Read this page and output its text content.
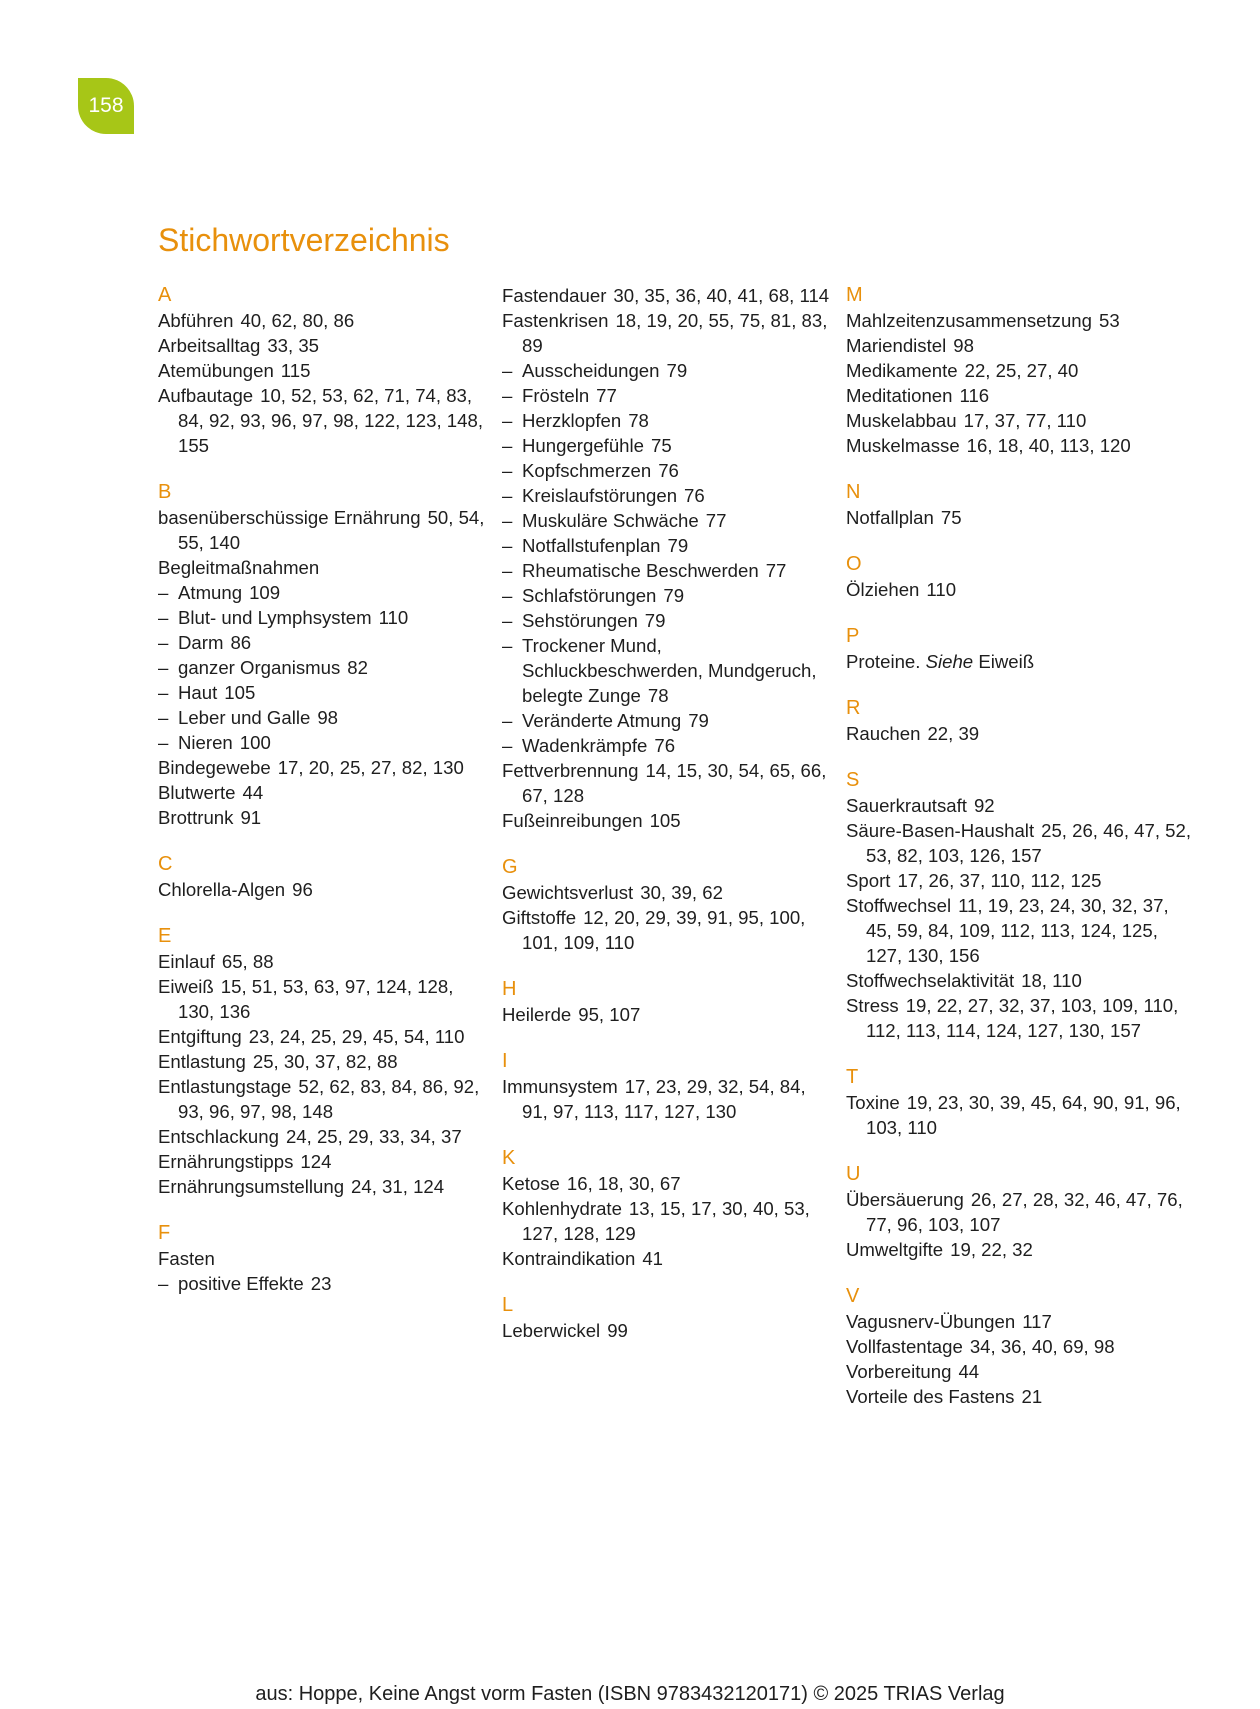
158
Stichwortverzeichnis
A
Abführen 40, 62, 80, 86
Arbeitsalltag 33, 35
Atemübungen 115
Aufbautage 10, 52, 53, 62, 71, 74, 83, 84, 92, 93, 96, 97, 98, 122, 123, 148, 155
B
basenüberschüssige Ernährung 50, 54, 55, 140
Begleitmaßnahmen
– Atmung 109
– Blut- und Lymphsystem 110
– Darm 86
– ganzer Organismus 82
– Haut 105
– Leber und Galle 98
– Nieren 100
Bindegewebe 17, 20, 25, 27, 82, 130
Blutwerte 44
Brottrunk 91
C
Chlorella-Algen 96
E
Einlauf 65, 88
Eiweiß 15, 51, 53, 63, 97, 124, 128, 130, 136
Entgiftung 23, 24, 25, 29, 45, 54, 110
Entlastung 25, 30, 37, 82, 88
Entlastungstage 52, 62, 83, 84, 86, 92, 93, 96, 97, 98, 148
Entschlackung 24, 25, 29, 33, 34, 37
Ernährungstipps 124
Ernährungsumstellung 24, 31, 124
F
Fasten
– positive Effekte 23
Fastendauer 30, 35, 36, 40, 41, 68, 114
Fastenkrisen 18, 19, 20, 55, 75, 81, 83, 89
– Ausscheidungen 79
– Frösteln 77
– Herzklopfen 78
– Hungergefühle 75
– Kopfschmerzen 76
– Kreislaufstörungen 76
– Muskuläre Schwäche 77
– Notfallstufenplan 79
– Rheumatische Beschwerden 77
– Schlafstörungen 79
– Sehstörungen 79
– Trockener Mund, Schluckbeschwerden, Mundgeruch, belegte Zunge 78
– Veränderte Atmung 79
– Wadenkrämpfe 76
Fettverbrennung 14, 15, 30, 54, 65, 66, 67, 128
Fußeinreibungen 105
G
Gewichtsverlust 30, 39, 62
Giftstoffe 12, 20, 29, 39, 91, 95, 100, 101, 109, 110
H
Heilerde 95, 107
I
Immunsystem 17, 23, 29, 32, 54, 84, 91, 97, 113, 117, 127, 130
K
Ketose 16, 18, 30, 67
Kohlenhydrate 13, 15, 17, 30, 40, 53, 127, 128, 129
Kontraindikation 41
L
Leberwickel 99
M
Mahlzeitenzusammensetzung 53
Mariendistel 98
Medikamente 22, 25, 27, 40
Meditationen 116
Muskelabbau 17, 37, 77, 110
Muskelmasse 16, 18, 40, 113, 120
N
Notfallplan 75
O
Ölziehen 110
P
Proteine. Siehe Eiweiß
R
Rauchen 22, 39
S
Sauerkrautsaft 92
Säure-Basen-Haushalt 25, 26, 46, 47, 52, 53, 82, 103, 126, 157
Sport 17, 26, 37, 110, 112, 125
Stoffwechsel 11, 19, 23, 24, 30, 32, 37, 45, 59, 84, 109, 112, 113, 124, 125, 127, 130, 156
Stoffwechselaktivität 18, 110
Stress 19, 22, 27, 32, 37, 103, 109, 110, 112, 113, 114, 124, 127, 130, 157
T
Toxine 19, 23, 30, 39, 45, 64, 90, 91, 96, 103, 110
U
Übersäuerung 26, 27, 28, 32, 46, 47, 76, 77, 96, 103, 107
Umweltgifte 19, 22, 32
V
Vagusnerv-Übungen 117
Vollfastentage 34, 36, 40, 69, 98
Vorbereitung 44
Vorteile des Fastens 21
aus: Hoppe, Keine Angst vorm Fasten (ISBN 9783432120171) © 2025 TRIAS Verlag
